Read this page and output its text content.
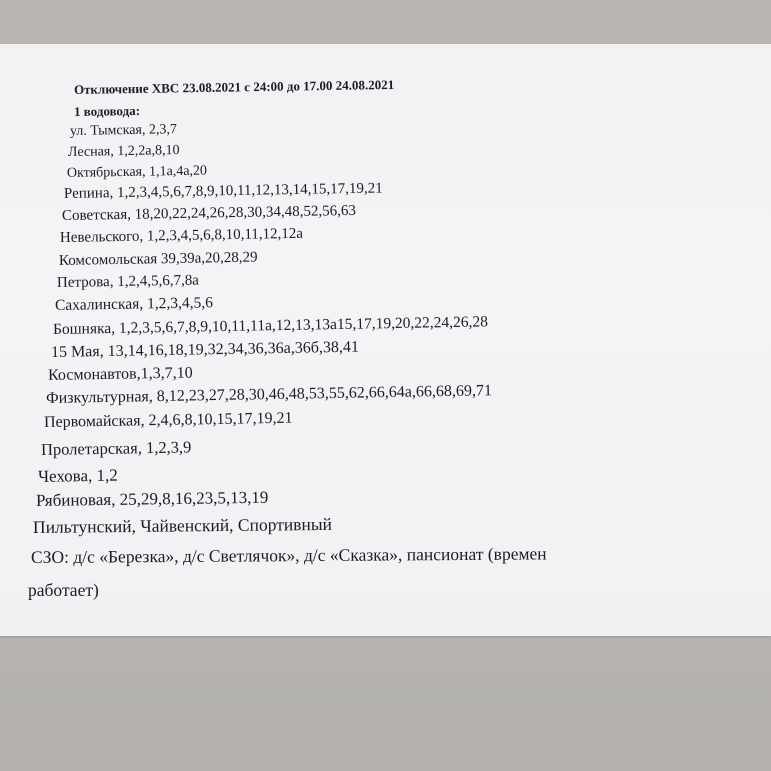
Отключение ХВС 23.08.2021 с 24:00 до 17.00 24.08.2021

1 водовода:

ул. Тымская, 2,3,7

Лесная, 1,2,2а,8,10

Октябрьская, 1,1а,4а,20

Репина, 1,2,3,4,5,6,7,8,9,10,11,12,13,14,15,17,19,21

Советская, 18,20,22,24,26,28,30,34,48,52,56,63

Невельского, 1,2,3,4,5,6,8,10,11,12,12а

Комсомольская 39,39а,20,28,29

Петрова, 1,2,4,5,6,7,8а

Сахалинская, 1,2,3,4,5,6

Бошняка, 1,2,3,5,6,7,8,9,10,11,11а,12,13,13а15,17,19,20,22,24,26,28

15 Мая, 13,14,16,18,19,32,34,36,36а,36б,38,41

Космонавтов,1,3,7,10

Физкультурная, 8,12,23,27,28,30,46,48,53,55,62,66,64а,66,68,69,71

Первомайская, 2,4,6,8,10,15,17,19,21

Пролетарская, 1,2,3,9

Чехова, 1,2

Рябиновая, 25,29,8,16,23,5,13,19

Пильтунский, Чайвенский, Спортивный

СЗО: д/с «Березка», д/с Светлячок», д/с «Сказка», пансионат (времен

работает)
